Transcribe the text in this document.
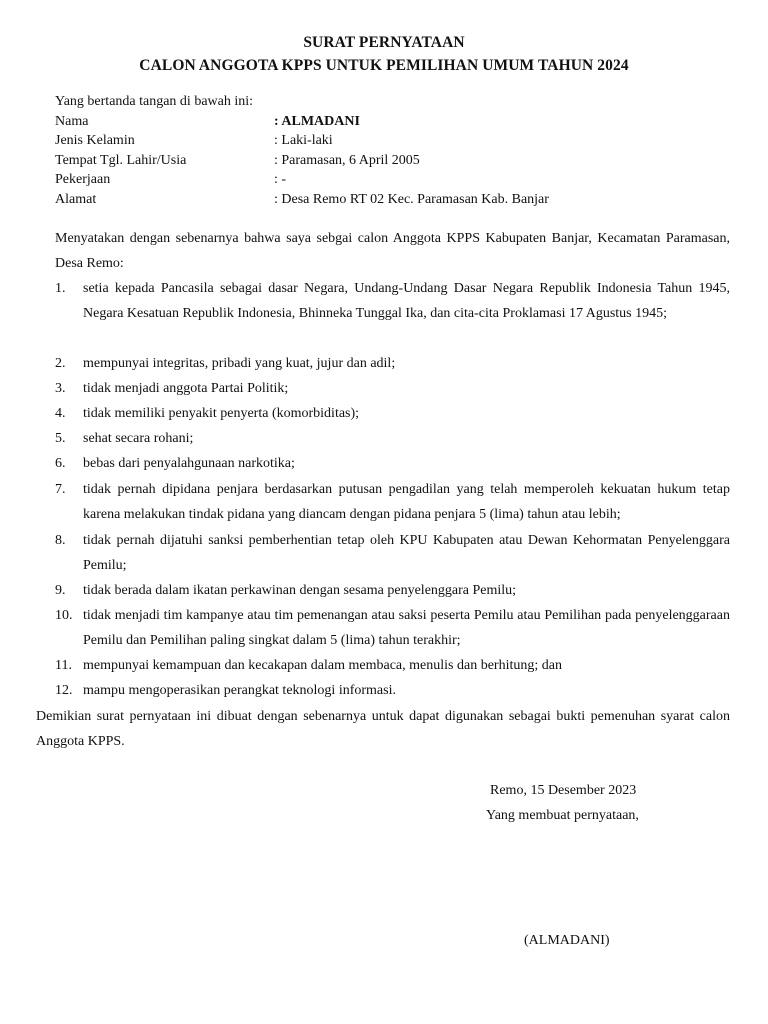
SURAT PERNYATAAN
CALON ANGGOTA KPPS UNTUK PEMILIHAN UMUM TAHUN 2024
Yang bertanda tangan di bawah ini:
Nama	: ALMADANI
Jenis Kelamin	: Laki-laki
Tempat Tgl. Lahir/Usia	: Paramasan, 6 April 2005
Pekerjaan	: -
Alamat	: Desa Remo RT 02 Kec. Paramasan Kab. Banjar
Menyatakan dengan sebenarnya bahwa saya sebgai calon Anggota KPPS Kabupaten Banjar, Kecamatan Paramasan, Desa Remo:
1. setia kepada Pancasila sebagai dasar Negara, Undang-Undang Dasar Negara Republik Indonesia Tahun 1945, Negara Kesatuan Republik Indonesia, Bhinneka Tunggal Ika, dan cita-cita Proklamasi 17 Agustus 1945;
2. mempunyai integritas, pribadi yang kuat, jujur dan adil;
3. tidak menjadi anggota Partai Politik;
4. tidak memiliki penyakit penyerta (komorbiditas);
5. sehat secara rohani;
6. bebas dari penyalahgunaan narkotika;
7. tidak pernah dipidana penjara berdasarkan putusan pengadilan yang telah memperoleh kekuatan hukum tetap karena melakukan tindak pidana yang diancam dengan pidana penjara 5 (lima) tahun atau lebih;
8. tidak pernah dijatuhi sanksi pemberhentian tetap oleh KPU Kabupaten atau Dewan Kehormatan Penyelenggara Pemilu;
9. tidak berada dalam ikatan perkawinan dengan sesama penyelenggara Pemilu;
10. tidak menjadi tim kampanye atau tim pemenangan atau saksi peserta Pemilu atau Pemilihan pada penyelenggaraan Pemilu dan Pemilihan paling singkat dalam 5 (lima) tahun terakhir;
11. mempunyai kemampuan dan kecakapan dalam membaca, menulis dan berhitung; dan
12. mampu mengoperasikan perangkat teknologi informasi.
Demikian surat pernyataan ini dibuat dengan sebenarnya untuk dapat digunakan sebagai bukti pemenuhan syarat calon Anggota KPPS.
Remo, 15 Desember 2023
Yang membuat pernyataan,
(ALMADANI)
